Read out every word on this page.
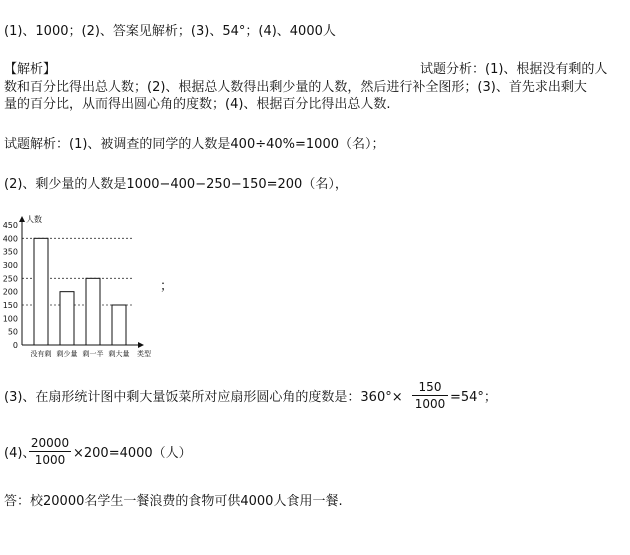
(1)、1000；(2)、答案见解析；(3)、54°；(4)、4000人
【解析】	试题分析：(1)、根据没有剩的人
数和百分比得出总人数；(2)、根据总人数得出剩少量的人数，然后进行补全图形；(3)、首先求出剩大
量的百分比，从而得出圆心角的度数；(4)、根据百分比得出总人数.
试题解析：(1)、被调查的同学的人数是400÷40%=1000（名）；
(2)、剩少量的人数是1000−400−250−150=200（名），
0
50
100
150
200
250
300
350
400
450
人数
没有剩 剩少量 剩一半 剩大量 类型
；
(3)、在扇形统计图中剩大量饭菜所对应扇形圆心角的度数是：360°×
150
1000 =54°；
(4)、
20000
1000 ×200=4000（人）
答：校20000名学生一餐浪费的食物可供4000人食用一餐.
